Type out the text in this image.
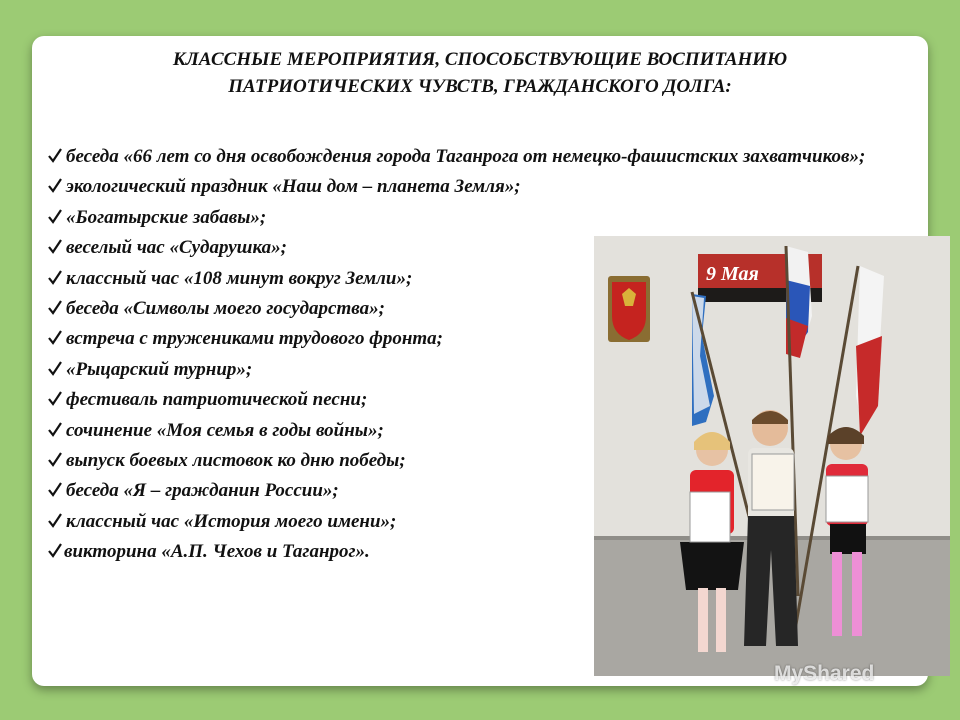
КЛАССНЫЕ МЕРОПРИЯТИЯ, СПОСОБСТВУЮЩИЕ ВОСПИТАНИЮ
ПАТРИОТИЧЕСКИХ ЧУВСТВ, ГРАЖДАНСКОГО ДОЛГА:
беседа «66 лет со дня освобождения города Таганрога от немецко-фашистских захватчиков»;
экологический праздник «Наш дом – планета Земля»;
«Богатырские забавы»;
веселый час «Сударушка»;
классный час «108 минут вокруг Земли»;
беседа «Символы моего государства»;
встреча с тружениками трудового фронта;
«Рыцарский турнир»;
фестиваль патриотической песни;
сочинение «Моя семья в годы войны»;
выпуск боевых листовок ко дню победы;
беседа «Я – гражданин России»;
классный час «История моего имени»;
викторина «А.П. Чехов и Таганрог».
9 Мая
MyShared
